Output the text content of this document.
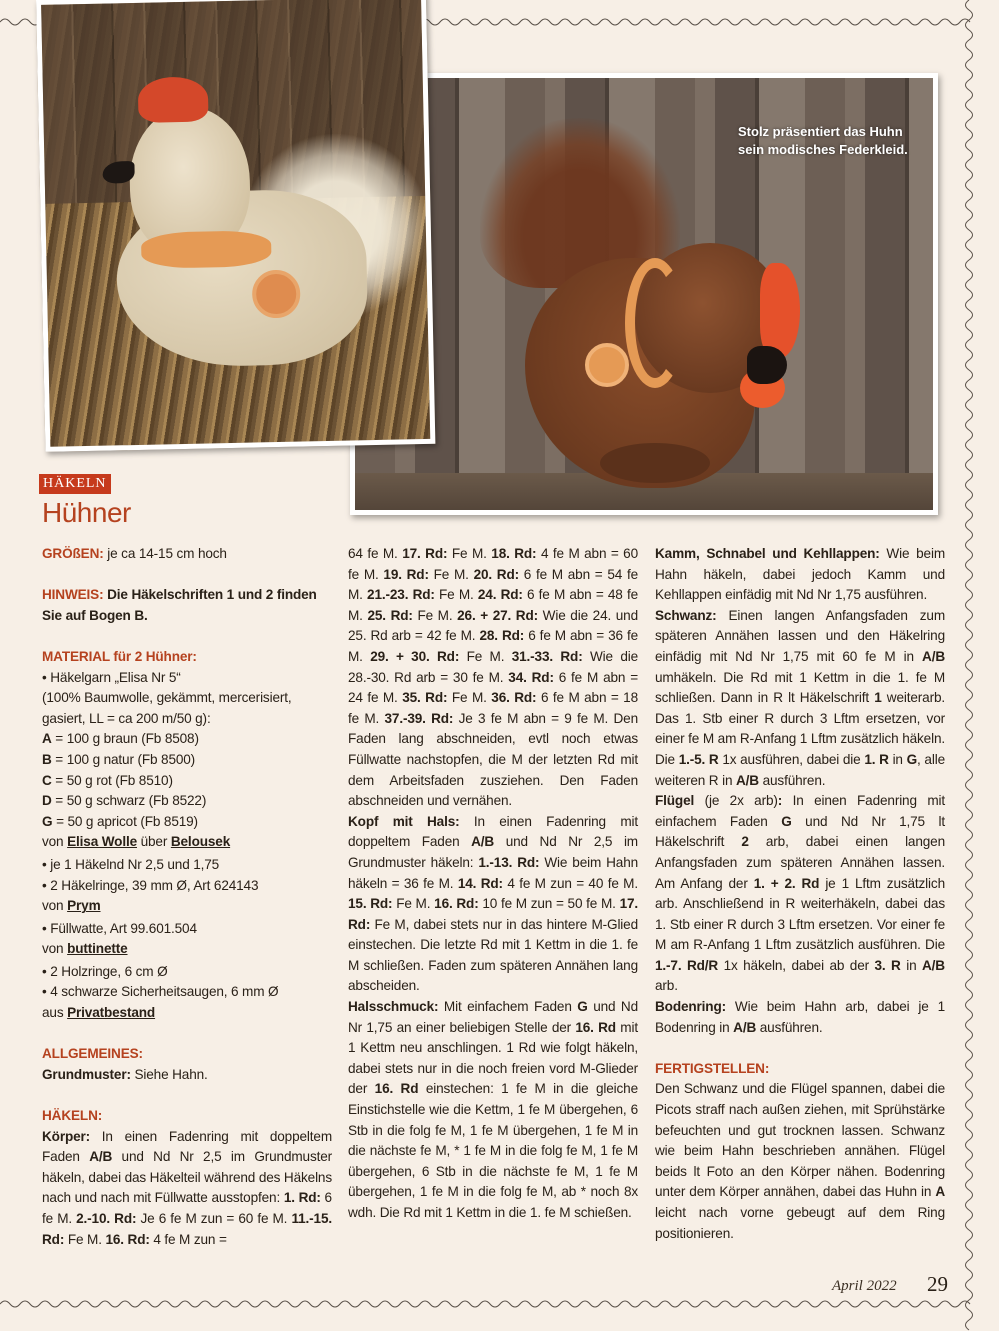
Stolz präsentiert das Huhn sein modisches Federkleid.
HÄKELN
Hühner

GRÖßEN: je ca 14-15 cm hoch

HINWEIS: Die Häkelschriften 1 und 2 finden Sie auf Bogen B.

MATERIAL für 2 Hühner:

• Häkelgarn „Elisa Nr 5“

(100% Baumwolle, gekämmt, mercerisiert, gasiert, LL = ca 200 m/50 g):

A = 100 g braun (Fb 8508)

B = 100 g natur (Fb 8500)

C = 50 g rot (Fb 8510)

D = 50 g schwarz (Fb 8522)

G = 50 g apricot (Fb 8519)

von Elisa Wolle über Belousek

• je 1 Häkelnd Nr 2,5 und 1,75

• 2 Häkelringe, 39 mm Ø, Art 624143

von Prym

• Füllwatte, Art 99.601.504

von buttinette

• 2 Holzringe, 6 cm Ø

• 4 schwarze Sicherheitsaugen, 6 mm Ø

aus Privatbestand

ALLGEMEINES:

Grundmuster: Siehe Hahn.

HÄKELN:

Körper: In einen Fadenring mit doppeltem Faden A/B und Nd Nr 2,5 im Grundmuster häkeln, dabei das Häkelteil während des Häkelns nach und nach mit Füllwatte ausstopfen: 1. Rd: 6 fe M. 2.-10. Rd: Je 6 fe M zun = 60 fe M. 11.-15. Rd: Fe M. 16. Rd: 4 fe M zun =

64 fe M. 17. Rd: Fe M. 18. Rd: 4 fe M abn = 60 fe M. 19. Rd: Fe M. 20. Rd: 6 fe M abn = 54 fe M. 21.-23. Rd: Fe M. 24. Rd: 6 fe M abn = 48 fe M. 25. Rd: Fe M. 26. + 27. Rd: Wie die 24. und 25. Rd arb = 42 fe M. 28. Rd: 6 fe M abn = 36 fe M. 29. + 30. Rd: Fe M. 31.-33. Rd: Wie die 28.-30. Rd arb = 30 fe M. 34. Rd: 6 fe M abn = 24 fe M. 35. Rd: Fe M. 36. Rd: 6 fe M abn = 18 fe M. 37.-39. Rd: Je 3 fe M abn = 9 fe M. Den Faden lang abschneiden, evtl noch etwas Füllwatte nachstopfen, die M der letzten Rd mit dem Arbeitsfaden zusziehen. Den Faden abschneiden und vernähen.

Kopf mit Hals: In einen Fadenring mit doppeltem Faden A/B und Nd Nr 2,5 im Grundmuster häkeln: 1.-13. Rd: Wie beim Hahn häkeln = 36 fe M. 14. Rd: 4 fe M zun = 40 fe M. 15. Rd: Fe M. 16. Rd: 10 fe M zun = 50 fe M. 17. Rd: Fe M, dabei stets nur in das hintere M-Glied einstechen. Die letzte Rd mit 1 Kettm in die 1. fe M schließen. Faden zum späteren Annähen lang abscheiden.

Halsschmuck: Mit einfachem Faden G und Nd Nr 1,75 an einer beliebigen Stelle der 16. Rd mit 1 Kettm neu anschlingen. 1 Rd wie folgt häkeln, dabei stets nur in die noch freien vord M-Glieder der 16. Rd einstechen: 1 fe M in die gleiche Einstichstelle wie die Kettm, 1 fe M übergehen, 6 Stb in die folg fe M, 1 fe M übergehen, 1 fe M in die nächste fe M, * 1 fe M in die folg fe M, 1 fe M übergehen, 6 Stb in die nächste fe M, 1 fe M übergehen, 1 fe M in die folg fe M, ab * noch 8x wdh. Die Rd mit 1 Kettm in die 1. fe M schießen.

Kamm, Schnabel und Kehllappen: Wie beim Hahn häkeln, dabei jedoch Kamm und Kehllappen einfädig mit Nd Nr 1,75 ausführen.

Schwanz: Einen langen Anfangsfaden zum späteren Annähen lassen und den Häkelring einfädig mit Nd Nr 1,75 mit 60 fe M in A/B umhäkeln. Die Rd mit 1 Kettm in die 1. fe M schließen. Dann in R lt Häkelschrift 1 weiterarb. Das 1. Stb einer R durch 3 Lftm ersetzen, vor einer fe M am R-Anfang 1 Lftm zusätzlich häkeln. Die 1.-5. R 1x ausführen, dabei die 1. R in G, alle weiteren R in A/B ausführen.

Flügel (je 2x arb): In einen Fadenring mit einfachem Faden G und Nd Nr 1,75 lt Häkelschrift 2 arb, dabei einen langen Anfangsfaden zum späteren Annähen lassen. Am Anfang der 1. + 2. Rd je 1 Lftm zusätzlich arb. Anschließend in R weiterhäkeln, dabei das 1. Stb einer R durch 3 Lftm ersetzen. Vor einer fe M am R-Anfang 1 Lftm zusätzlich ausführen. Die 1.-7. Rd/R 1x häkeln, dabei ab der 3. R in A/B arb.

Bodenring: Wie beim Hahn arb, dabei je 1 Bodenring in A/B ausführen.

FERTIGSTELLEN:

Den Schwanz und die Flügel spannen, dabei die Picots straff nach außen ziehen, mit Sprühstärke befeuchten und gut trocknen lassen. Schwanz wie beim Hahn beschrieben annähen. Flügel beids lt Foto an den Körper nähen. Bodenring unter dem Körper annähen, dabei das Huhn in A leicht nach vorne gebeugt auf dem Ring positionieren.

April 2022 29
